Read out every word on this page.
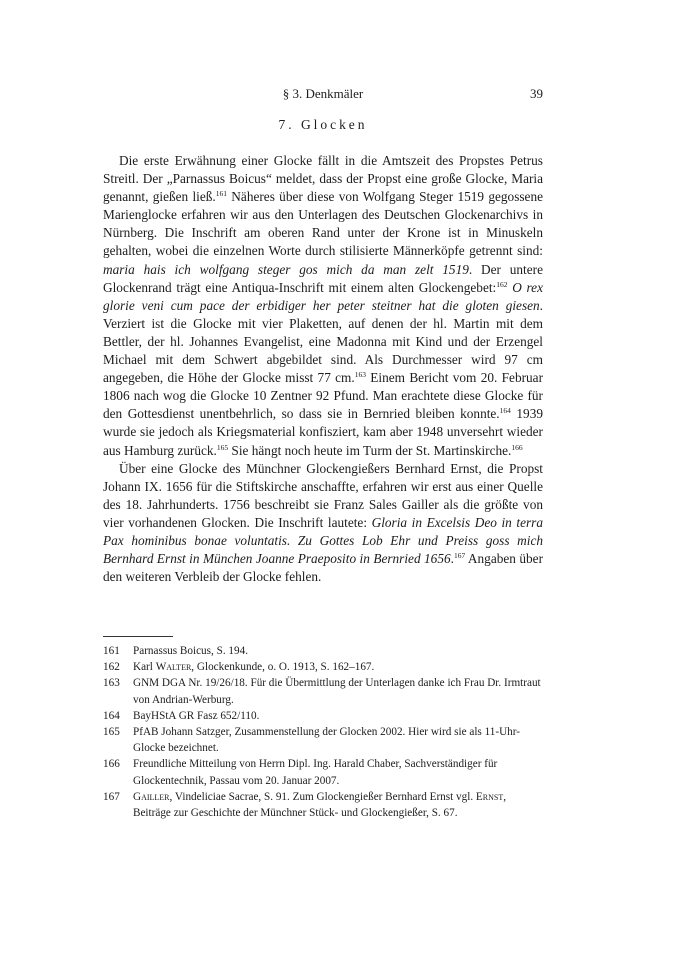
§ 3. Denkmäler	39
7. Glocken

Die erste Erwähnung einer Glocke fällt in die Amtszeit des Propstes Petrus Streitl. Der „Parnassus Boicus“ meldet, dass der Propst eine große Glocke, Maria genannt, gießen ließ.$^{161}$ Näheres über diese von Wolfgang Steger 1519 gegossene Marienglocke erfahren wir aus den Unterlagen des Deutschen Glockenarchivs in Nürnberg. Die Inschrift am oberen Rand unter der Krone ist in Minuskeln gehalten, wobei die einzelnen Worte durch stilisierte Männerköpfe getrennt sind: maria hais ich wolfgang steger gos mich da man zelt 1519. Der untere Glockenrand trägt eine Antiqua-Inschrift mit einem alten Glockengebet:$^{162}$ O rex glorie veni cum pace der erbidiger her peter steitner hat die gloten giesen. Verziert ist die Glocke mit vier Plaketten, auf denen der hl. Martin mit dem Bettler, der hl. Johannes Evangelist, eine Madonna mit Kind und der Erzengel Michael mit dem Schwert abgebildet sind. Als Durchmesser wird 97 cm angegeben, die Höhe der Glocke misst 77 cm.$^{163}$ Einem Bericht vom 20. Februar 1806 nach wog die Glocke 10 Zentner 92 Pfund. Man erachtete diese Glocke für den Gottesdienst unentbehrlich, so dass sie in Bernried bleiben konnte.$^{164}$ 1939 wurde sie jedoch als Kriegsmaterial konfisziert, kam aber 1948 unversehrt wieder aus Hamburg zurück.$^{165}$ Sie hängt noch heute im Turm der St. Martinskirche.$^{166}$

Über eine Glocke des Münchner Glockengießers Bernhard Ernst, die Propst Johann IX. 1656 für die Stiftskirche anschaffte, erfahren wir erst aus einer Quelle des 18. Jahrhunderts. 1756 beschreibt sie Franz Sales Gailler als die größte von vier vorhandenen Glocken. Die Inschrift lautete: Gloria in Excelsis Deo in terra Pax hominibus bonae voluntatis. Zu Gottes Lob Ehr und Preiss goss mich Bernhard Ernst in München Joanne Praeposito in Bernried 1656.$^{167}$ Angaben über den weiteren Verbleib der Glocke fehlen.

161	Parnassus Boicus, S. 194.
162	Karl Walter, Glockenkunde, o. O. 1913, S. 162–167.
163	GNM DGA Nr. 19/26/18. Für die Übermittlung der Unterlagen danke ich Frau Dr. Irmtraut von Andrian-Werburg.
164	BayHStA GR Fasz 652/110.
165	PfAB Johann Satzger, Zusammenstellung der Glocken 2002. Hier wird sie als 11-Uhr-Glocke bezeichnet.
166	Freundliche Mitteilung von Herrn Dipl. Ing. Harald Chaber, Sachverständiger für Glockentechnik, Passau vom 20. Januar 2007.
167	Gailler, Vindeliciae Sacrae, S. 91. Zum Glockengießer Bernhard Ernst vgl. Ernst, Beiträge zur Geschichte der Münchner Stück- und Glockengießer, S. 67.
